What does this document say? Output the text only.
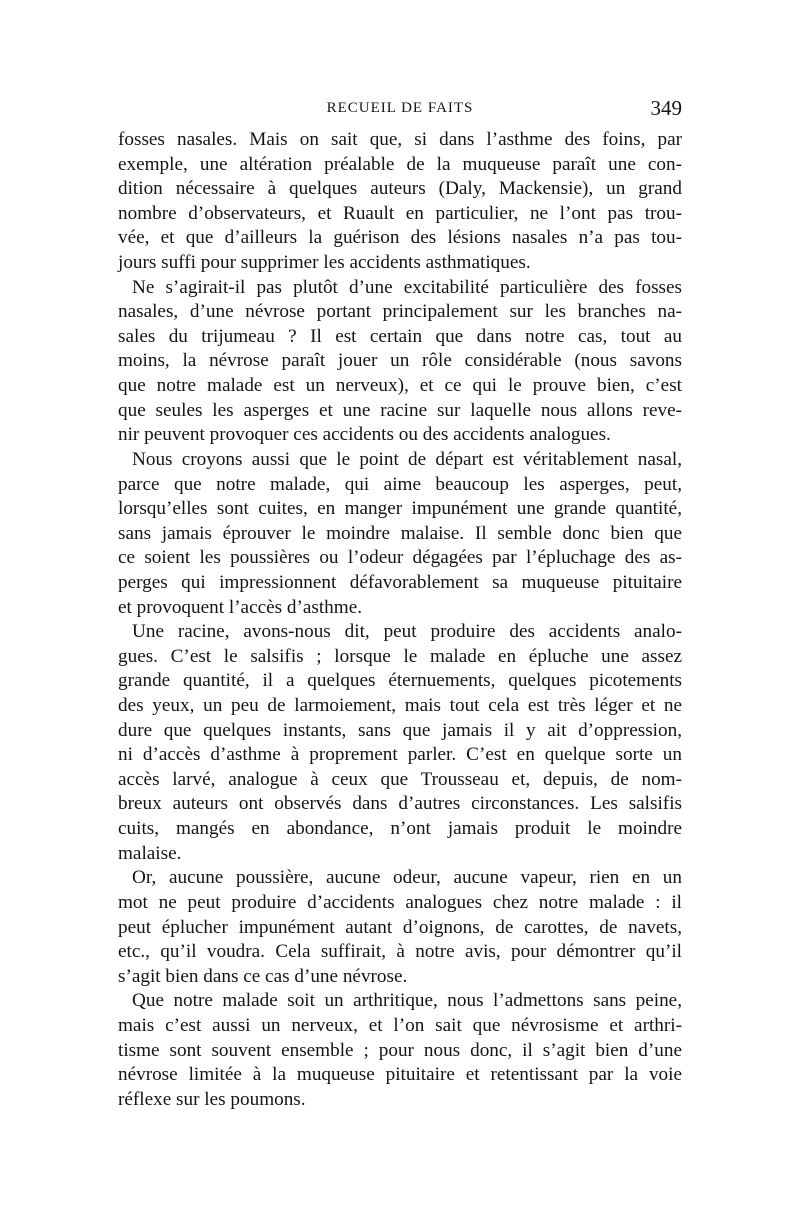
RECUEIL DE FAITS	349
fosses nasales. Mais on sait que, si dans l’asthme des foins, par
exemple, une altération préalable de la muqueuse paraît une con-
dition nécessaire à quelques auteurs (Daly, Mackensie), un grand
nombre d’observateurs, et Ruault en particulier, ne l’ont pas trou-
vée, et que d’ailleurs la guérison des lésions nasales n’a pas tou-
jours suffi pour supprimer les accidents asthmatiques.
Ne s’agirait-il pas plutôt d’une excitabilité particulière des fosses
nasales, d’une névrose portant principalement sur les branches na-
sales du trijumeau ? Il est certain que dans notre cas, tout au
moins, la névrose paraît jouer un rôle considérable (nous savons
que notre malade est un nerveux), et ce qui le prouve bien, c’est
que seules les asperges et une racine sur laquelle nous allons reve-
nir peuvent provoquer ces accidents ou des accidents analogues.
Nous croyons aussi que le point de départ est véritablement nasal,
parce que notre malade, qui aime beaucoup les asperges, peut,
lorsqu’elles sont cuites, en manger impunément une grande quantité,
sans jamais éprouver le moindre malaise. Il semble donc bien que
ce soient les poussières ou l’odeur dégagées par l’épluchage des as-
perges qui impressionnent défavorablement sa muqueuse pituitaire
et provoquent l’accès d’asthme.
Une racine, avons-nous dit, peut produire des accidents analo-
gues. C’est le salsifis ; lorsque le malade en épluche une assez
grande quantité, il a quelques éternuements, quelques picotements
des yeux, un peu de larmoiement, mais tout cela est très léger et ne
dure que quelques instants, sans que jamais il y ait d’oppression,
ni d’accès d’asthme à proprement parler. C’est en quelque sorte un
accès larvé, analogue à ceux que Trousseau et, depuis, de nom-
breux auteurs ont observés dans d’autres circonstances. Les salsifis
cuits, mangés en abondance, n’ont jamais produit le moindre
malaise.
Or, aucune poussière, aucune odeur, aucune vapeur, rien en un
mot ne peut produire d’accidents analogues chez notre malade : il
peut éplucher impunément autant d’oignons, de carottes, de navets,
etc., qu’il voudra. Cela suffirait, à notre avis, pour démontrer qu’il
s’agit bien dans ce cas d’une névrose.
Que notre malade soit un arthritique, nous l’admettons sans peine,
mais c’est aussi un nerveux, et l’on sait que névrosisme et arthri-
tisme sont souvent ensemble ; pour nous donc, il s’agit bien d’une
névrose limitée à la muqueuse pituitaire et retentissant par la voie
réflexe sur les poumons.
